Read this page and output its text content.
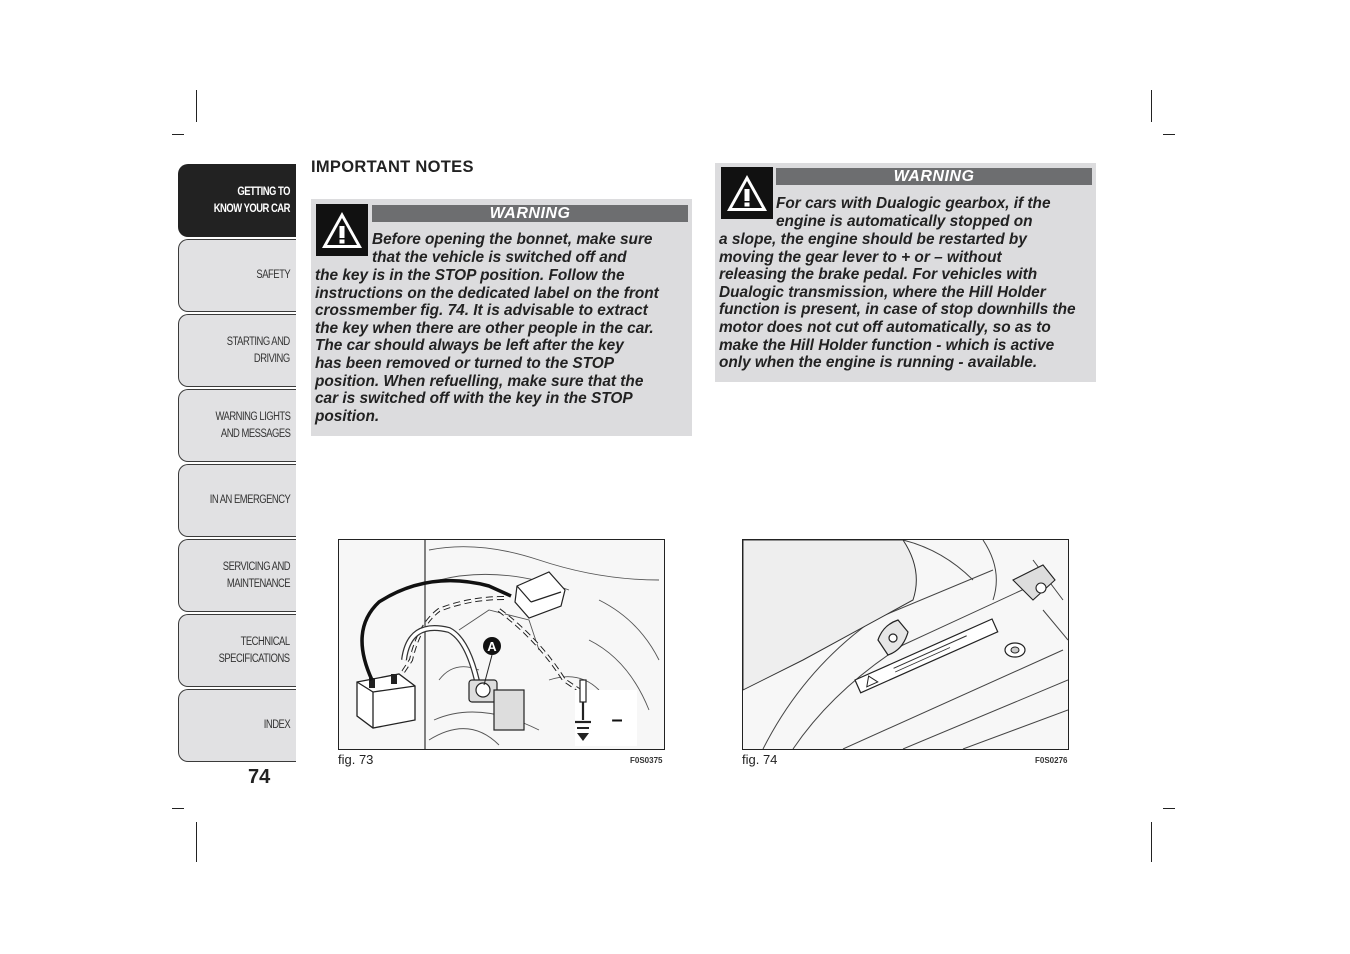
GETTING TO
KNOW YOUR CAR
SAFETY
STARTING AND
DRIVING
WARNING LIGHTS
AND MESSAGES
IN AN EMERGENCY
SERVICING AND
MAINTENANCE
TECHNICAL
SPECIFICATIONS
INDEX
74
IMPORTANT NOTES
WARNING
Before opening the bonnet, make sure
that the vehicle is switched off and
the key is in the STOP position. Follow the
instructions on the dedicated label on the front
crossmember fig. 74. It is advisable to extract
the key when there are other people in the car.
The car should always be left after the key
has been removed or turned to the STOP
position. When refuelling, make sure that the
car is switched off with the key in the STOP
position.
WARNING
For cars with Dualogic gearbox, if the
engine is automatically stopped on
a slope, the engine should be restarted by
moving the gear lever to + or – without
releasing the brake pedal. For vehicles with
Dualogic transmission, where the Hill Holder
function is present, in case of stop downhills the
motor does not cut off automatically, so as to
make the Hill Holder function - which is active
only when the engine is running - available.
A
–
fig. 73	F0S0375	fig. 74	F0S0276
